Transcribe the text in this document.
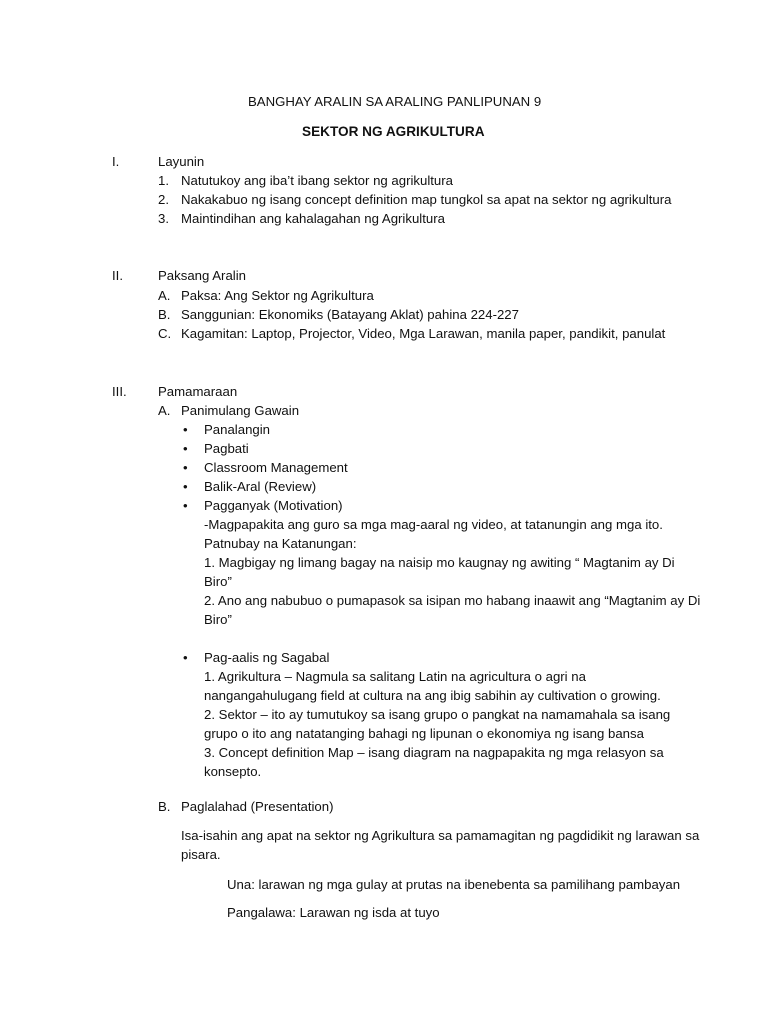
BANGHAY ARALIN SA ARALING PANLIPUNAN 9
SEKTOR NG AGRIKULTURA
I.	Layunin
1. Natutukoy ang iba’t ibang sektor ng agrikultura
2. Nakakabuo ng isang concept definition map tungkol sa apat na sektor ng agrikultura
3. Maintindihan ang kahalagahan ng Agrikultura
II.	Paksang Aralin
A. Paksa: Ang Sektor ng Agrikultura
B. Sanggunian: Ekonomiks (Batayang Aklat) pahina 224-227
C. Kagamitan: Laptop, Projector, Video, Mga Larawan, manila paper, pandikit, panulat
III. Pamamaraan
A. Panimulang Gawain
• Panalangin
• Pagbati
• Classroom Management
• Balik-Aral (Review)
• Pagganyak (Motivation)
-Magpapakita ang guro sa mga mag-aaral ng video, at tatanungin ang mga ito.
Patnubay na Katanungan:
1. Magbigay ng limang bagay na naisip mo kaugnay ng awiting “ Magtanim ay Di
Biro”
2. Ano ang nabubuo o pumapasok sa isipan mo habang inaawit ang “Magtanim ay Di
Biro”
• Pag-aalis ng Sagabal
1. Agrikultura – Nagmula sa salitang Latin na agricultura o agri na
nangangahulugang field at cultura na ang ibig sabihin ay cultivation o growing.
2. Sektor – ito ay tumutukoy sa isang grupo o pangkat na namamahala sa isang
grupo o ito ang natatanging bahagi ng lipunan o ekonomiya ng isang bansa
3. Concept definition Map – isang diagram na nagpapakita ng mga relasyon sa
konsepto.
B. Paglalahad (Presentation)
Isa-isahin ang apat na sektor ng Agrikultura sa pamamagitan ng pagdidikit ng larawan sa
pisara.
Una: larawan ng mga gulay at prutas na ibenebenta sa pamilihang pambayan
Pangalawa: Larawan ng isda at tuyo
